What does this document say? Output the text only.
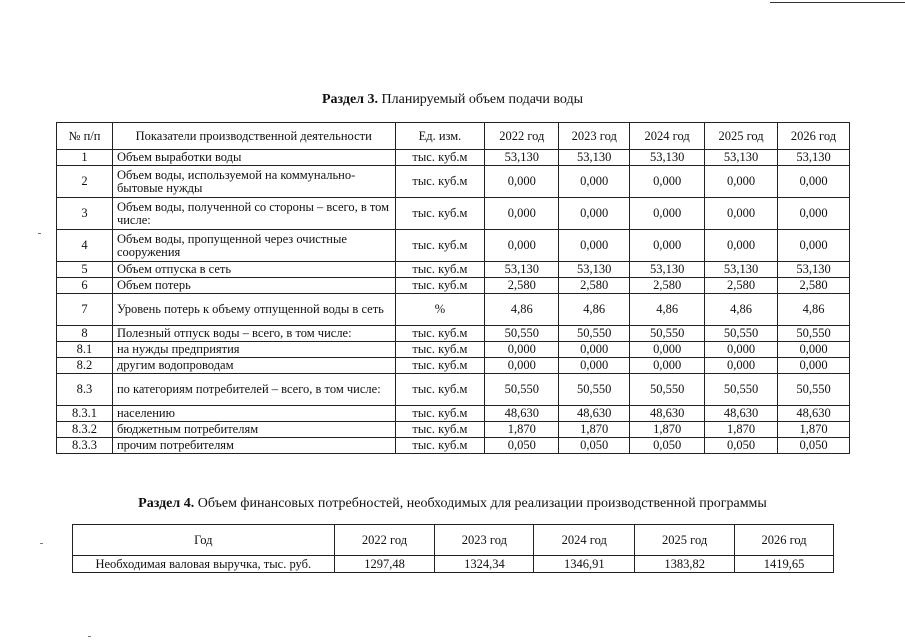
Раздел 3. Планируемый объем подачи воды
№ п/п	Показатели производственной деятельности	Ед. изм.	2022 год	2023 год	2024 год	2025 год	2026 год
1	Объем выработки воды	тыс. куб.м	53,130	53,130	53,130	53,130	53,130
2	Объем воды, используемой на коммунально-бытовые нужды	тыс. куб.м	0,000	0,000	0,000	0,000	0,000
3	Объем воды, полученной со стороны – всего, в том числе:	тыс. куб.м	0,000	0,000	0,000	0,000	0,000
4	Объем воды, пропущенной через очистные сооружения	тыс. куб.м	0,000	0,000	0,000	0,000	0,000
5	Объем отпуска в сеть	тыс. куб.м	53,130	53,130	53,130	53,130	53,130
6	Объем потерь	тыс. куб.м	2,580	2,580	2,580	2,580	2,580
7	Уровень потерь к объему отпущенной воды в сеть	%	4,86	4,86	4,86	4,86	4,86
8	Полезный отпуск воды – всего, в том числе:	тыс. куб.м	50,550	50,550	50,550	50,550	50,550
8.1	на нужды предприятия	тыс. куб.м	0,000	0,000	0,000	0,000	0,000
8.2	другим водопроводам	тыс. куб.м	0,000	0,000	0,000	0,000	0,000
8.3	по категориям потребителей – всего, в том числе:	тыс. куб.м	50,550	50,550	50,550	50,550	50,550
8.3.1	населению	тыс. куб.м	48,630	48,630	48,630	48,630	48,630
8.3.2	бюджетным потребителям	тыс. куб.м	1,870	1,870	1,870	1,870	1,870
8.3.3	прочим потребителям	тыс. куб.м	0,050	0,050	0,050	0,050	0,050
Раздел 4. Объем финансовых потребностей, необходимых для реализации производственной программы
Год	2022 год	2023 год	2024 год	2025 год	2026 год
Необходимая валовая выручка, тыс. руб.	1297,48	1324,34	1346,91	1383,82	1419,65
